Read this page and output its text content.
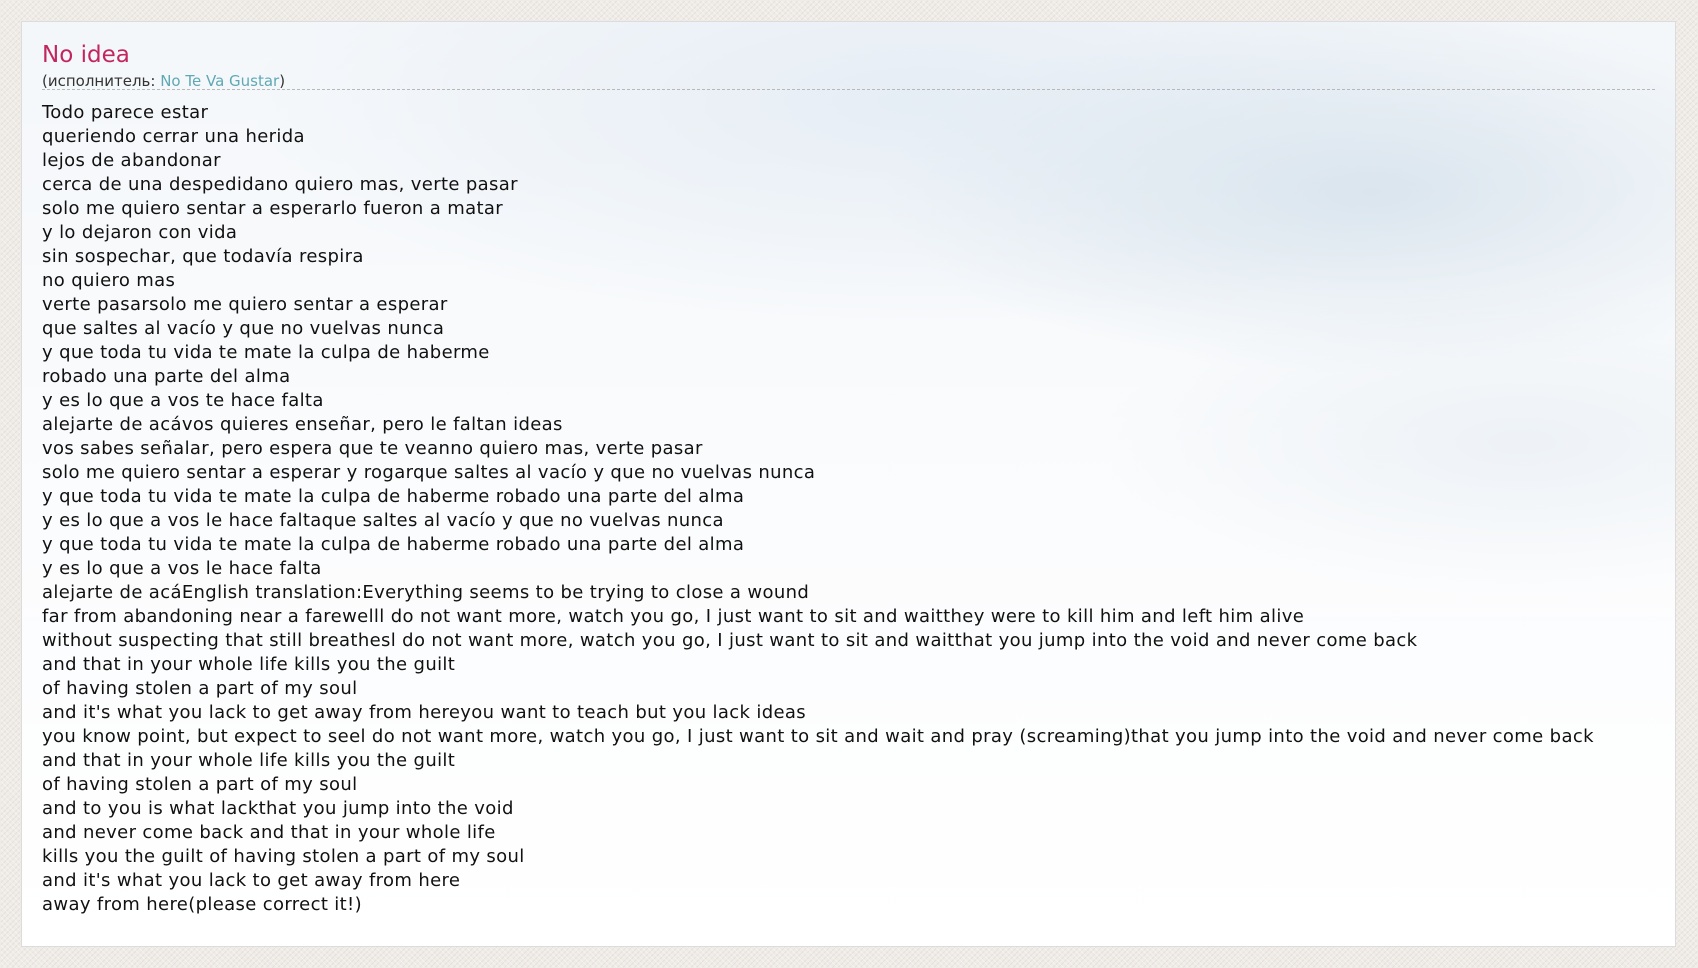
No idea
(исполнитель: No Te Va Gustar)
Todo parece estar
queriendo cerrar una herida
lejos de abandonar
cerca de una despedidano quiero mas, verte pasar
solo me quiero sentar a esperarlo fueron a matar
y lo dejaron con vida
sin sospechar, que todavía respira
no quiero mas
verte pasarsolo me quiero sentar a esperar
que saltes al vacío y que no vuelvas nunca
y que toda tu vida te mate la culpa de haberme
robado una parte del alma
y es lo que a vos te hace falta
alejarte de acávos quieres enseñar, pero le faltan ideas
vos sabes señalar, pero espera que te veanno quiero mas, verte pasar
solo me quiero sentar a esperar y rogarque saltes al vacío y que no vuelvas nunca
y que toda tu vida te mate la culpa de haberme robado una parte del alma
y es lo que a vos le hace faltaque saltes al vacío y que no vuelvas nunca
y que toda tu vida te mate la culpa de haberme robado una parte del alma
y es lo que a vos le hace falta
alejarte de acáEnglish translation:Everything seems to be trying to close a wound
far from abandoning near a farewelll do not want more, watch you go, I just want to sit and waitthey were to kill him and left him alive
without suspecting that still breathesl do not want more, watch you go, I just want to sit and waitthat you jump into the void and never come back
and that in your whole life kills you the guilt
of having stolen a part of my soul
and it's what you lack to get away from hereyou want to teach but you lack ideas
you know point, but expect to seel do not want more, watch you go, I just want to sit and wait and pray (screaming)that you jump into the void and never come back
and that in your whole life kills you the guilt
of having stolen a part of my soul
and to you is what lackthat you jump into the void
and never come back and that in your whole life
kills you the guilt of having stolen a part of my soul
and it's what you lack to get away from here
away from here(please correct it!)
